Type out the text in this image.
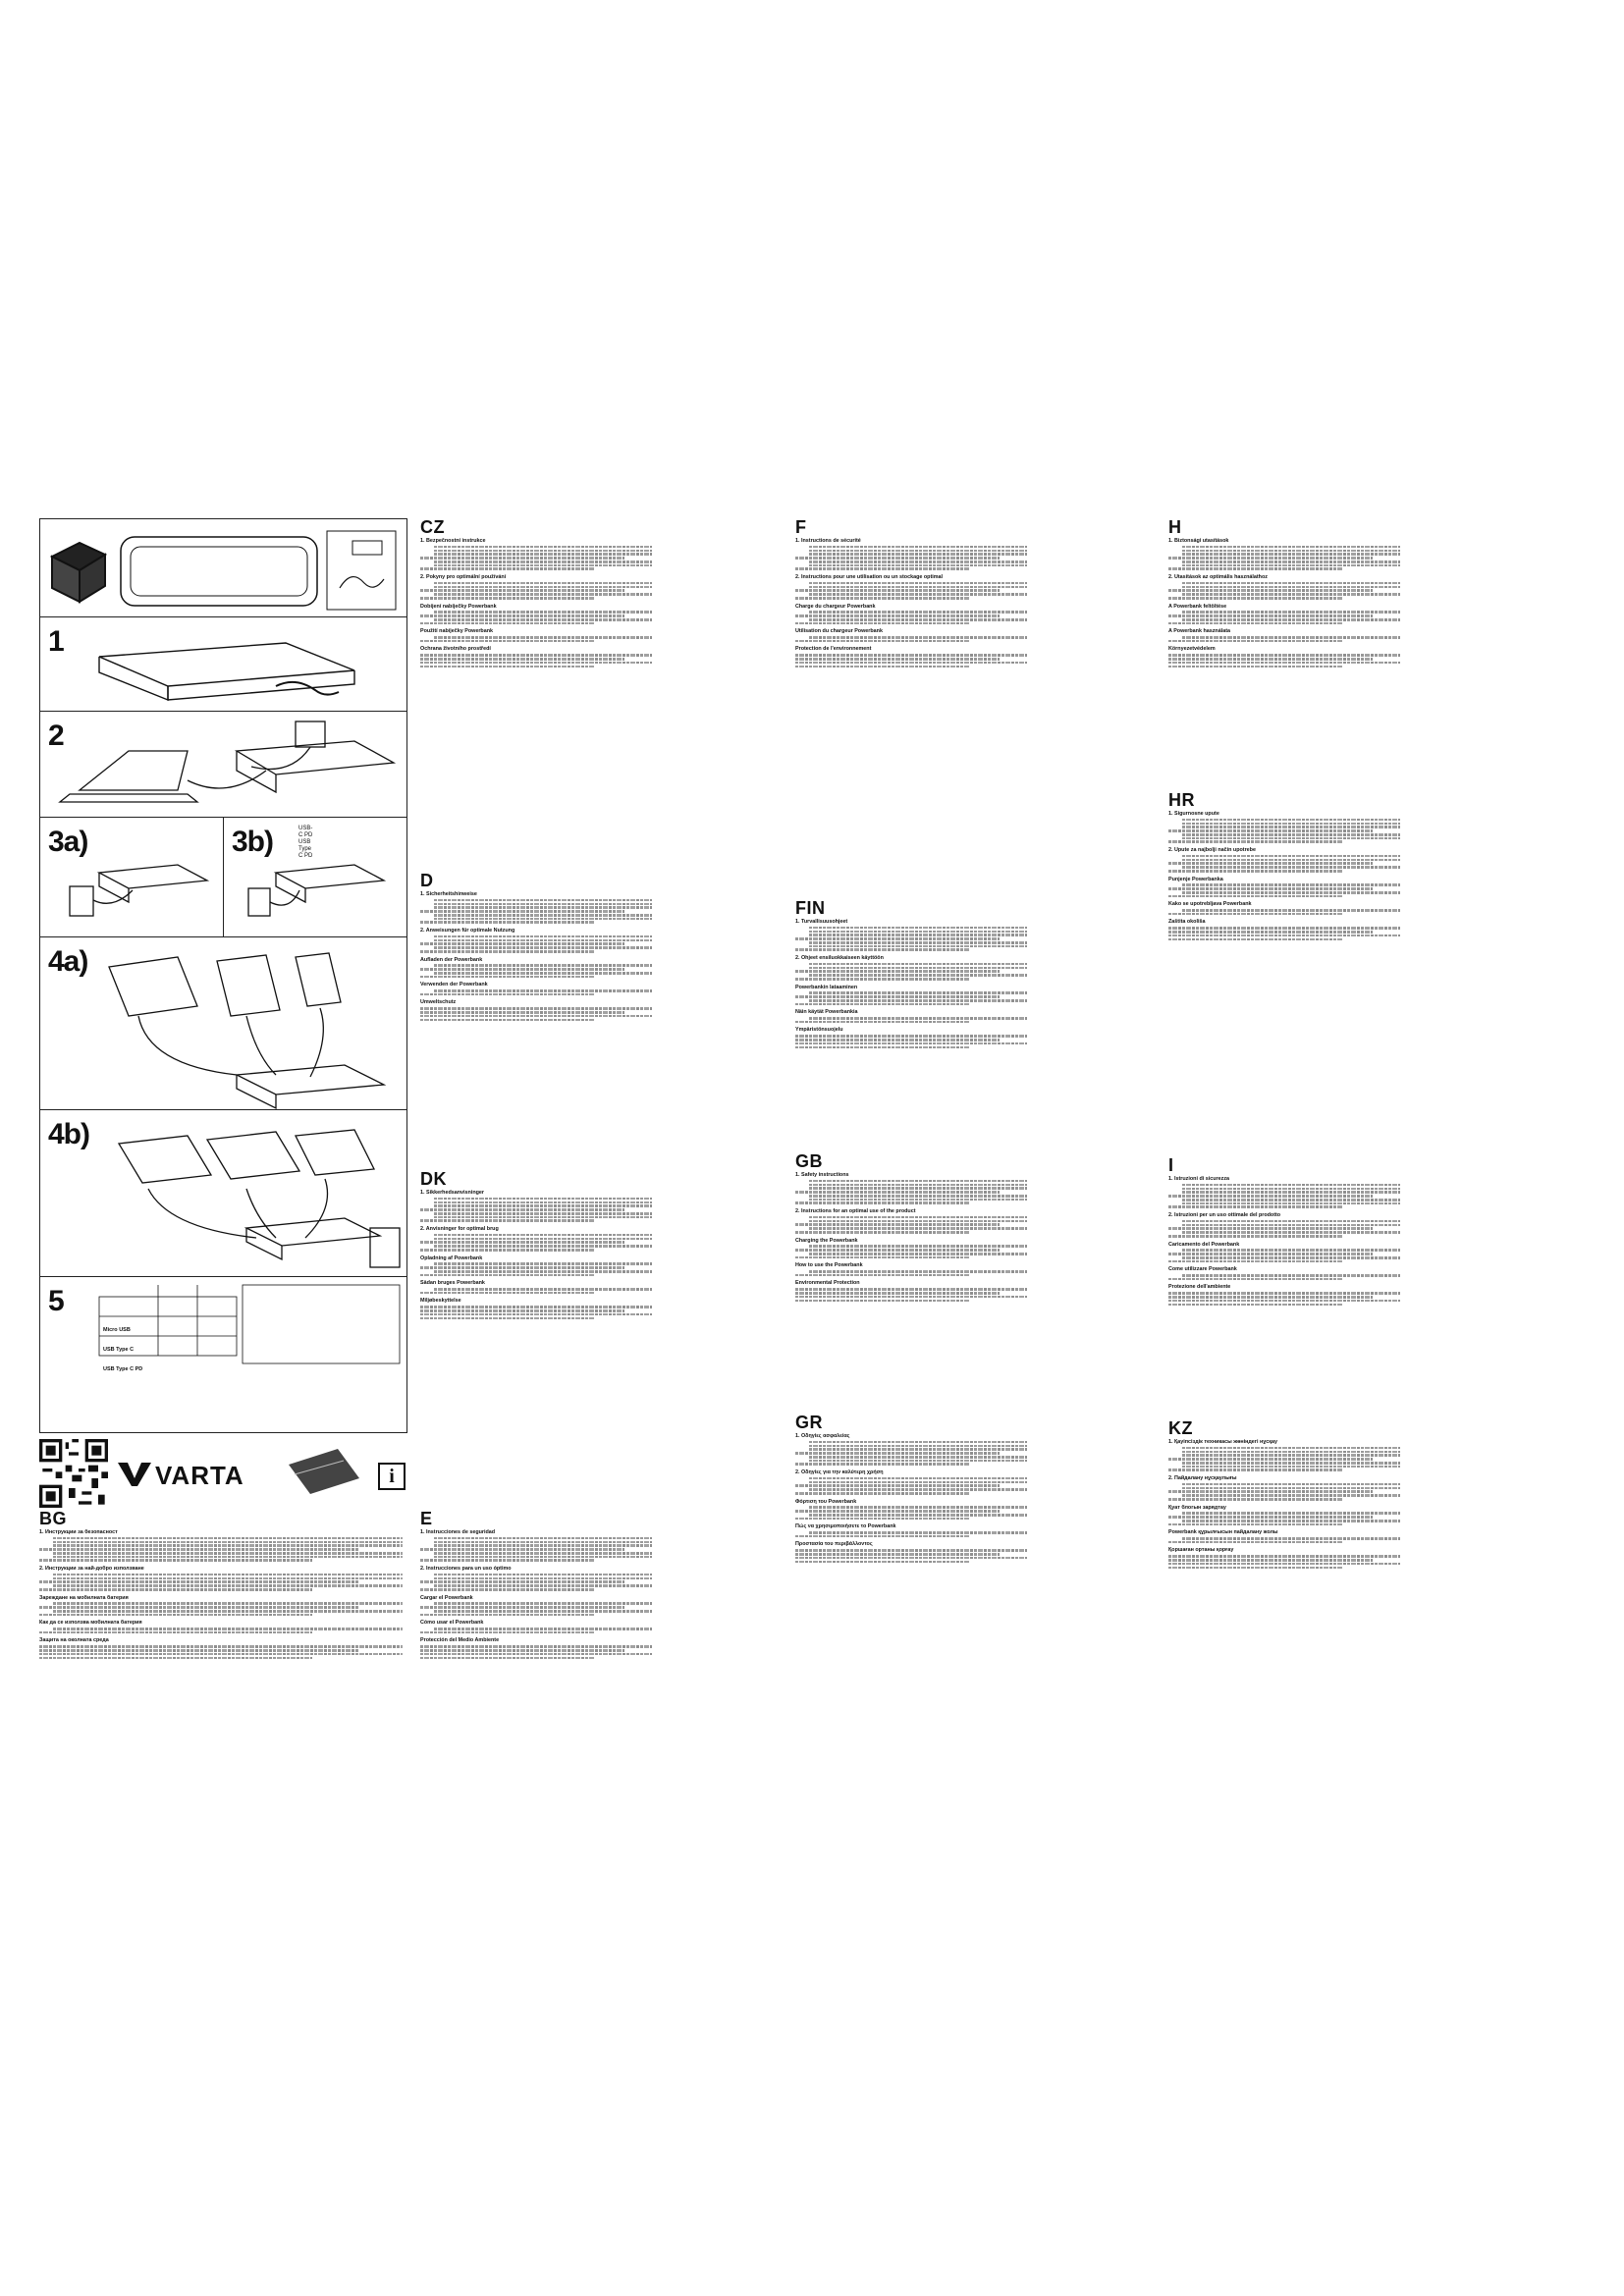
1
2
3a)	3b)	USB-C PD
USB Type C PD
4a)
4b)
5
Micro USB
USB Type C
USB Type C PD
VARTA	i
CZ
1. Bezpečnostní instrukce
2. Pokyny pro optimální používání
Dobíjení nabíječky Powerbank
Použití nabíječky Powerbank
Ochrana životního prostředí
D
1. Sicherheitshinweise
2. Anweisungen für optimale Nutzung
Aufladen der Powerbank
Verwenden der Powerbank
Umweltschutz
DK
1. Sikkerhedsanvisninger
2. Anvisninger for optimal brug
Opladning af Powerbank
Sådan bruges Powerbank
Miljøbeskyttelse
BG
1. Инструкции за безопасност
2. Инструкции за най-добро използване
Зареждане на мобилната батерия
Как да се използва мобилната батерия
Защита на околната среда
E
1. Instrucciones de seguridad
2. Instrucciones para un uso óptimo
Cargar el Powerbank
Cómo usar el Powerbank
Protección del Medio Ambiente
F
1. Instructions de sécurité
2. Instructions pour une utilisation ou un stockage optimal
Charge du chargeur Powerbank
Utilisation du chargeur Powerbank
Protection de l'environnement
FIN
1. Turvallisuusohjeet
2. Ohjeet ensiluokkaiseen käyttöön
Powerbankin lataaminen
Näin käytät Powerbankia
Ympäristönsuojelu
GB
1. Safety instructions
2. Instructions for an optimal use of the product
Charging the Powerbank
How to use the Powerbank
Environmental Protection
GR
1. Οδηγίες ασφαλείας
2. Οδηγίες για την καλύτερη χρήση
Φόρτιση του Powerbank
Πώς να χρησιμοποιήσετε το Powerbank
Προστασία του περιβάλλοντος
H
1. Biztonsági utasítások
2. Utasítások az optimális használathoz
A Powerbank feltöltése
A Powerbank használata
Környezetvédelem
HR
1. Sigurnosne upute
2. Upute za najbolji način upotrebe
Punjenje Powerbanka
Kako se upotrebljava Powerbank
Zaštita okoliša
I
1. Istruzioni di sicurezza
2. Istruzioni per un uso ottimale del prodotto
Caricamento del Powerbank
Come utilizzare Powerbank
Protezione dell'ambiente
KZ
1. Қауіпсіздік техникасы жөніндегі нұсқау
2. Пайдалану нұсқаулығы
Қуат блогын зарядтау
Powerbank құрылғысын пайдалану жолы
Қоршаған ортаны қорғау
